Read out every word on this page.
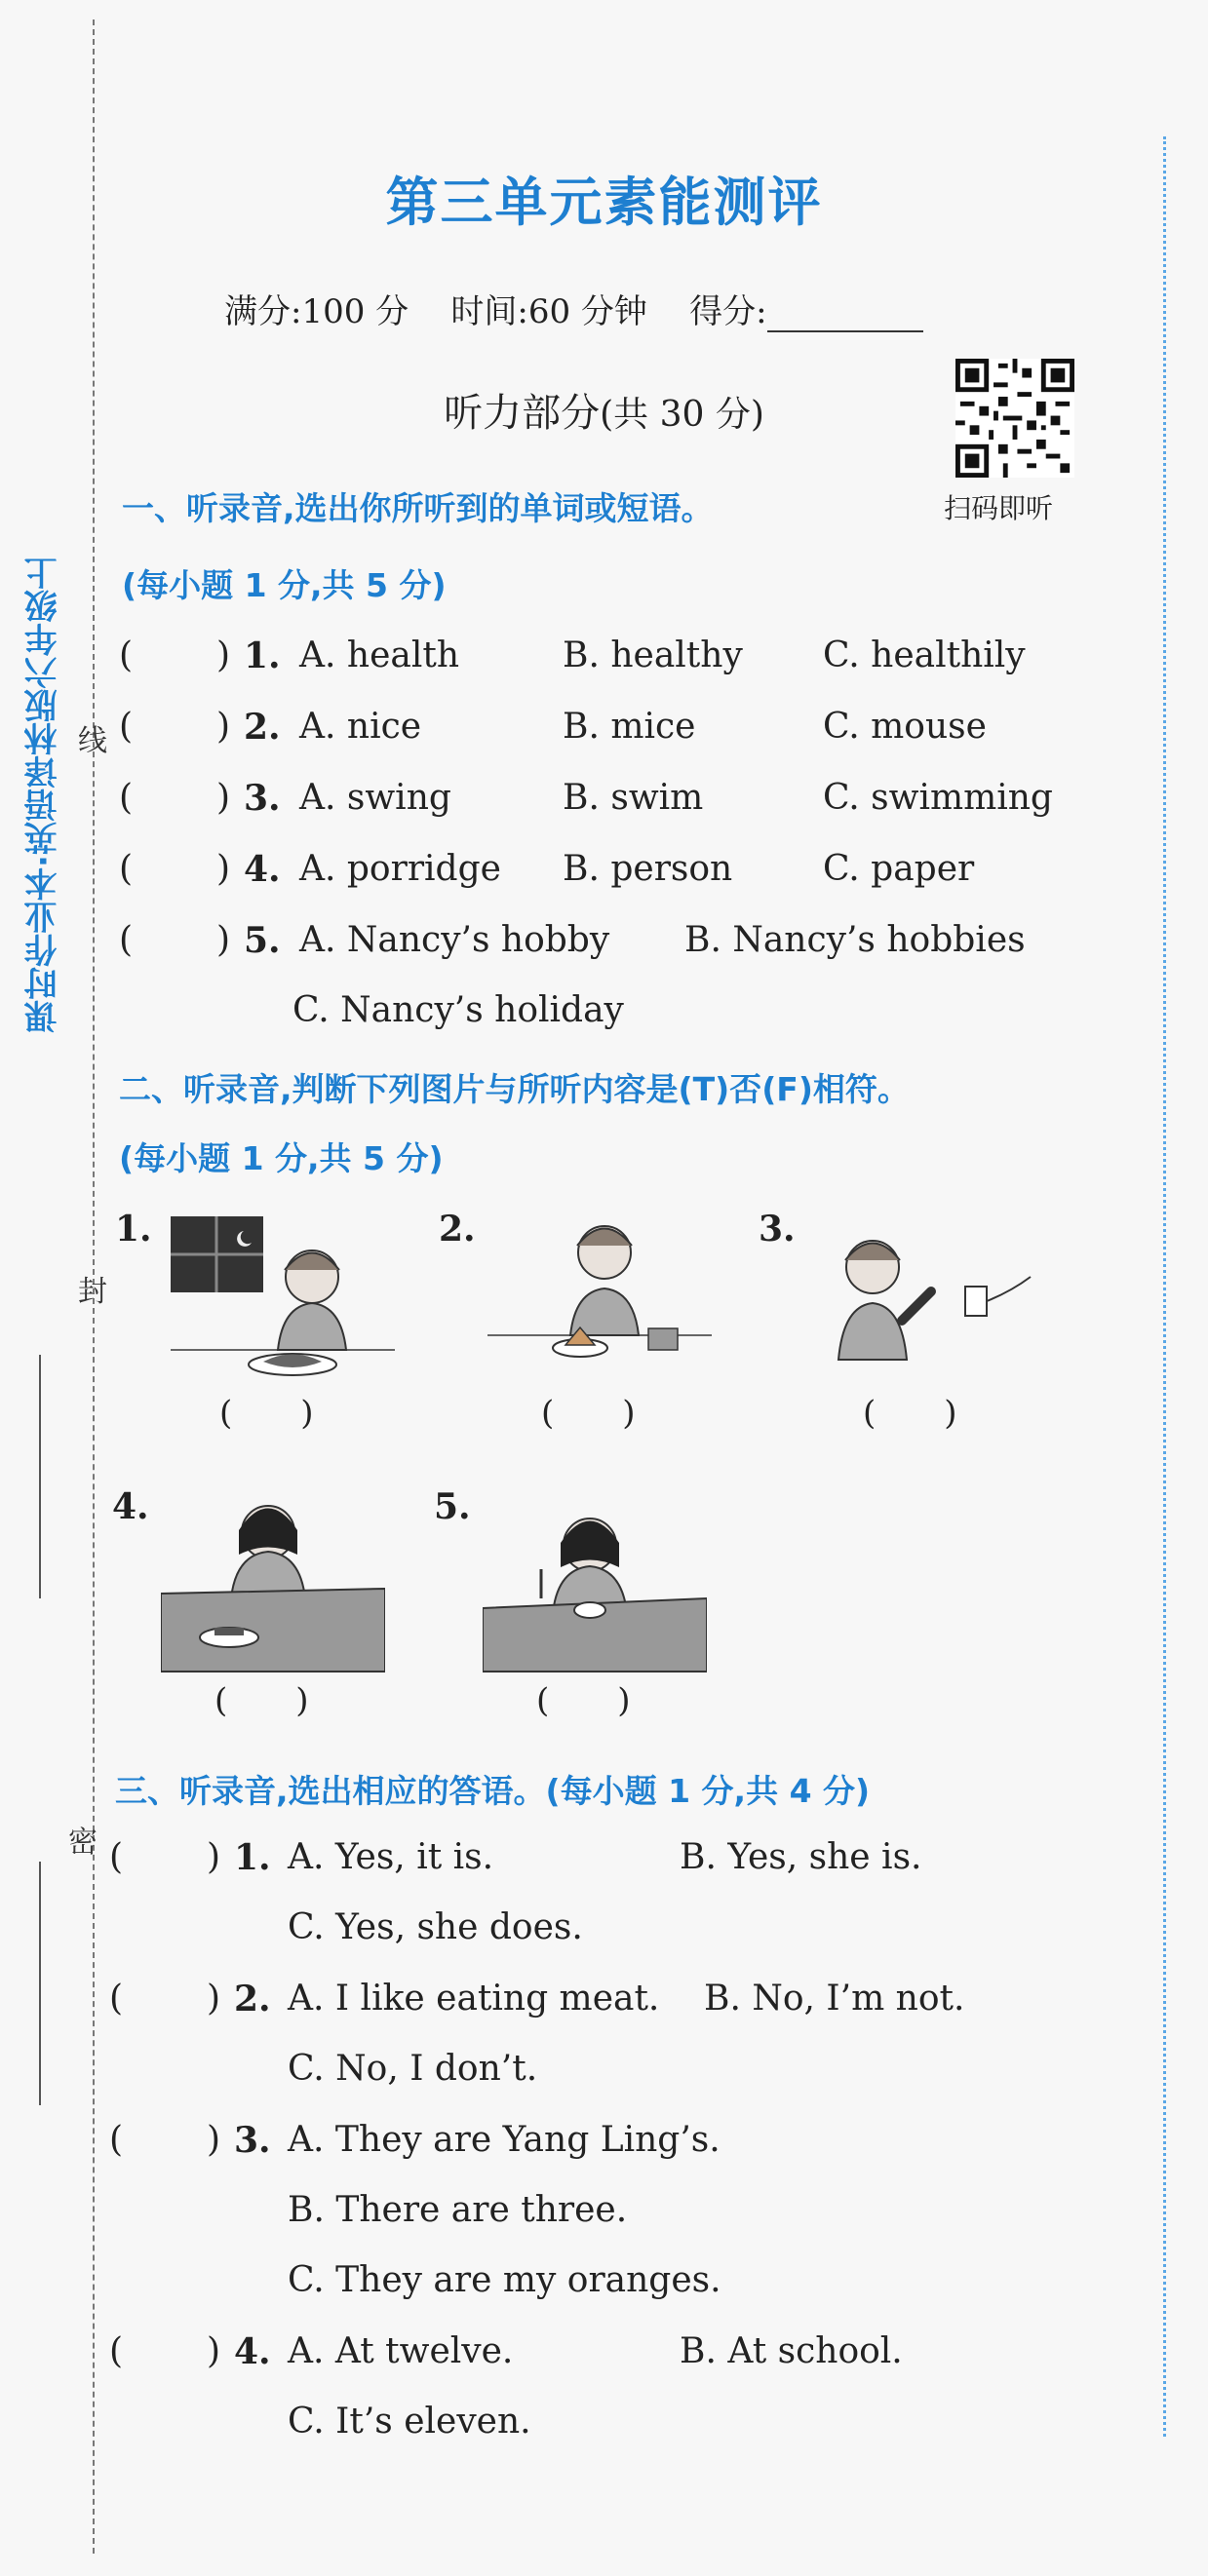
课时作业本·英语译林版六年级上 线
封
密
第三单元素能测评
满分:100 分 时间:60 分钟 得分:
听力部分(共 30 分)
扫码即听
一、听录音,选出你所听到的单词或短语。
(每小题 1 分,共 5 分)
( ) 1. A. health	B. healthy C. healthily
( ) 2. A. nice	B. mice	C. mouse
( ) 3. A. swing	B. swim	C. swimming
( ) 4. A. porridge B. person	C. paper
( ) 5. A. Nancy’s hobby B. Nancy’s hobbies
C. Nancy’s holiday
二、听录音,判断下列图片与所听内容是(T)否(F)相符。
(每小题 1 分,共 5 分)
1.
( )
2.
( )
3.
( )
4.
( )
5.
( )
三、听录音,选出相应的答语。(每小题 1 分,共 4 分)
( ) 1. A. Yes, it is.	B. Yes, she is.
C. Yes, she does.
( ) 2. A. I like eating meat. B. No, I’m not.
C. No, I don’t.
( ) 3. A. They are Yang Ling’s.
B. There are three.
C. They are my oranges.
( ) 4. A. At twelve.	B. At school.
C. It’s eleven.
